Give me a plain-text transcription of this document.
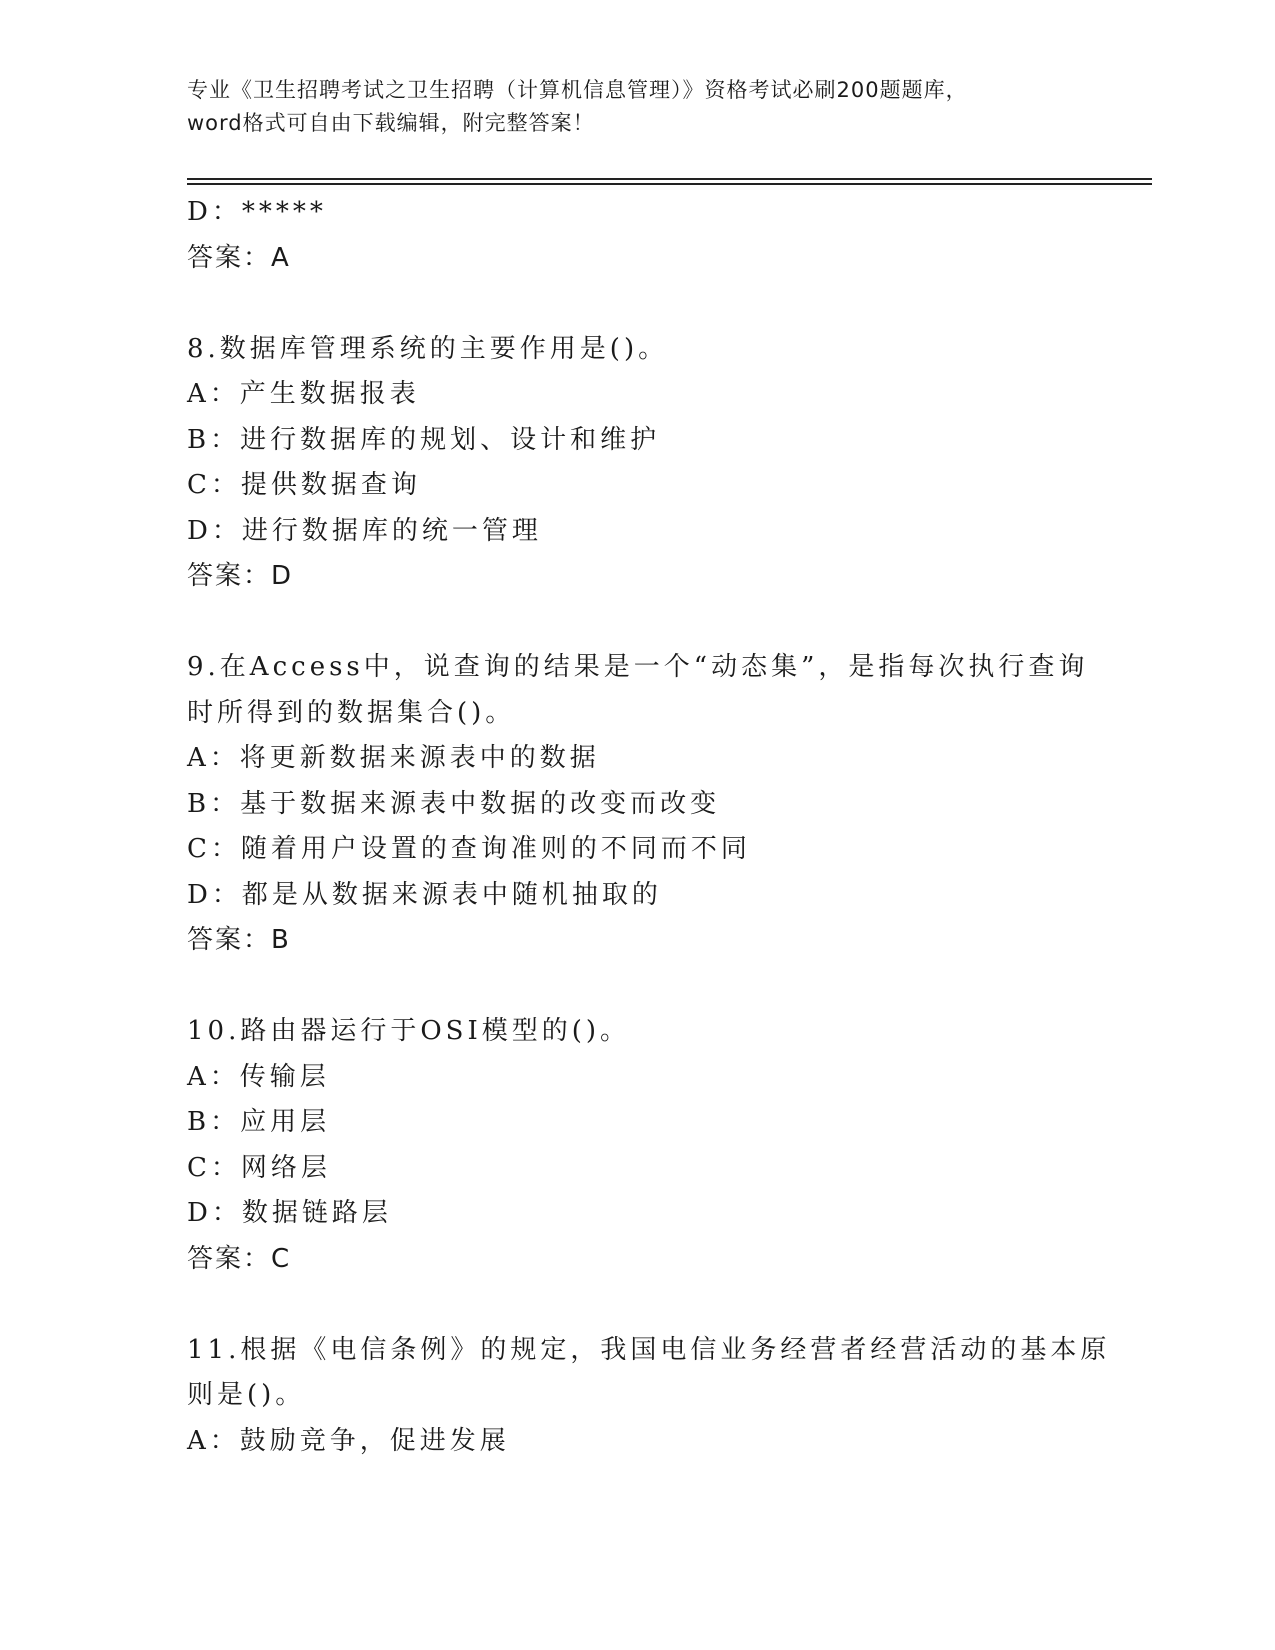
专业《卫生招聘考试之卫生招聘（计算机信息管理）》资格考试必刷200题题库，
word格式可自由下载编辑，附完整答案！
D：*****
答案：A
8.数据库管理系统的主要作用是()。
A：产生数据报表
B：进行数据库的规划、设计和维护
C：提供数据查询
D：进行数据库的统一管理
答案：D
9.在Access中，说查询的结果是一个“动态集”，是指每次执行查询
时所得到的数据集合()。
A：将更新数据来源表中的数据
B：基于数据来源表中数据的改变而改变
C：随着用户设置的查询准则的不同而不同
D：都是从数据来源表中随机抽取的
答案：B
10.路由器运行于OSI模型的()。
A：传输层
B：应用层
C：网络层
D：数据链路层
答案：C
11.根据《电信条例》的规定，我国电信业务经营者经营活动的基本原
则是()。
A：鼓励竞争，促进发展
